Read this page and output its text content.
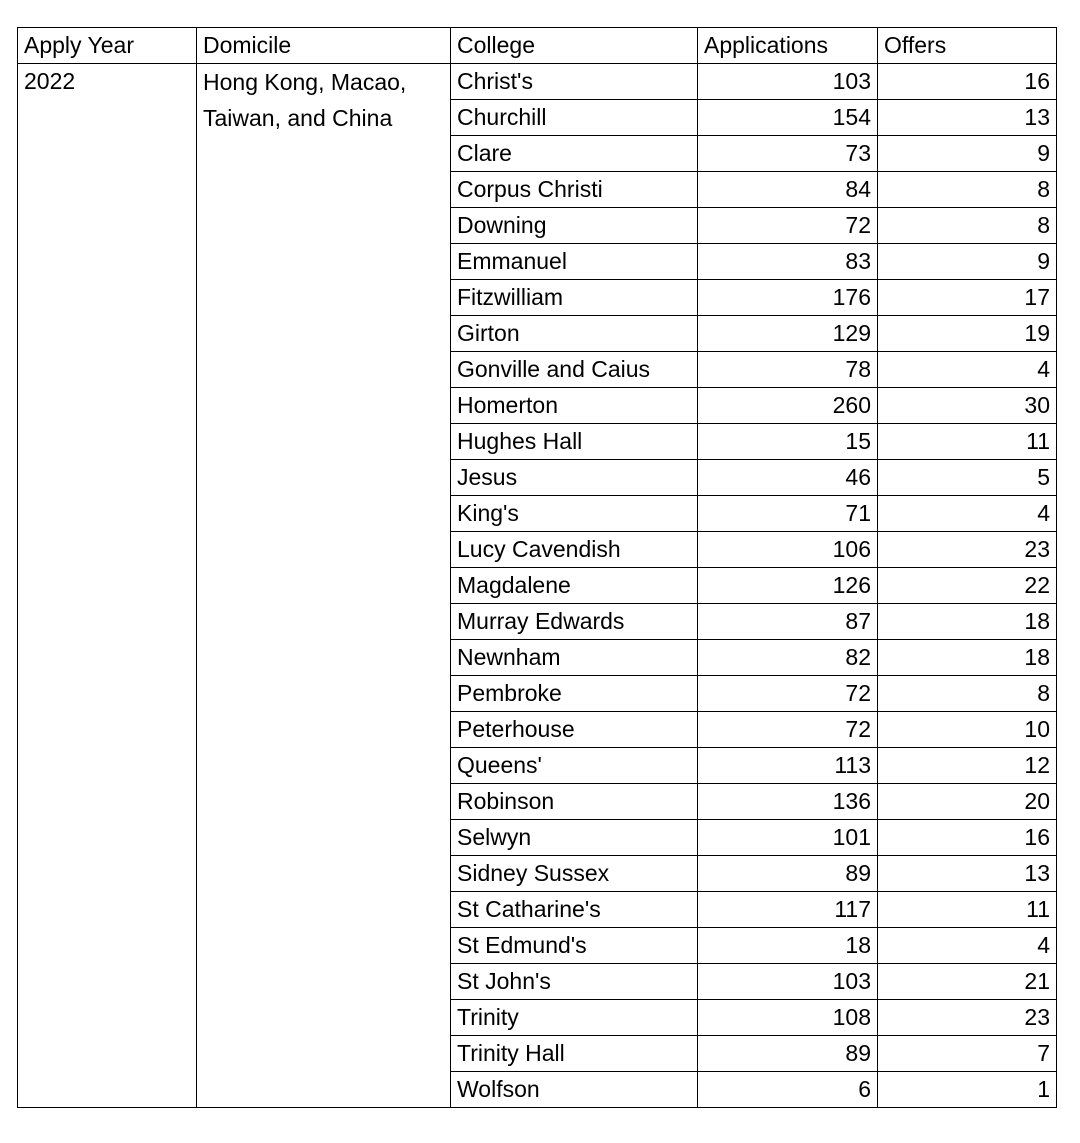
Apply Year	Domicile	College	Applications	Offers
2022	Hong Kong, Macao, Taiwan, and China	Christ's	103	16
		Churchill	154	13
		Clare	73	9
		Corpus Christi	84	8
		Downing	72	8
		Emmanuel	83	9
		Fitzwilliam	176	17
		Girton	129	19
		Gonville and Caius	78	4
		Homerton	260	30
		Hughes Hall	15	11
		Jesus	46	5
		King's	71	4
		Lucy Cavendish	106	23
		Magdalene	126	22
		Murray Edwards	87	18
		Newnham	82	18
		Pembroke	72	8
		Peterhouse	72	10
		Queens'	113	12
		Robinson	136	20
		Selwyn	101	16
		Sidney Sussex	89	13
		St Catharine's	117	11
		St Edmund's	18	4
		St John's	103	21
		Trinity	108	23
		Trinity Hall	89	7
		Wolfson	6	1
